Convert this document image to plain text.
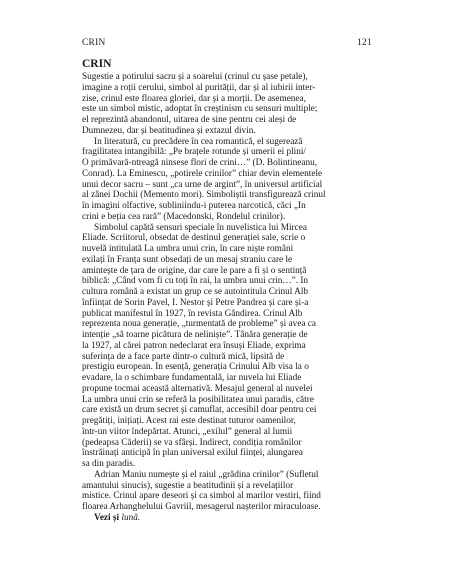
CRIN	121
CRIN
Sugestie a potirului sacru și a soarelui (crinul cu șase petale),
imagine a roții cerului, simbol al purității, dar și al iubirii inter-
zise, crinul este floarea gloriei, dar și a morții. De asemenea,
este un simbol mistic, adoptat în creștinism cu sensuri multiple;
el reprezintă abandonul, uitarea de sine pentru cei aleși de
Dumnezeu, dar și beatitudinea și extazul divin.
În literatură, cu precădere în cea romantică, el sugerează
fragilitatea intangibilă: „Pe brațele rotunde și umerii ei plini/
O primăvară-ntreagă ninsese flori de crini…” (D. Bolintineanu,
Conrad). La Eminescu, „potirele crinilor” chiar devin elementele
unui decor sacru – sunt „ca urne de argint”, în universul artificial
al zânei Dochii (Memento mori). Simboliștii transfigurează crinul
în imagini olfactive, subliniindu-i puterea narcotică, căci „În
crini e beția cea rară” (Macedonski, Rondelul crinilor).
Simbolul capătă sensuri speciale în nuvelistica lui Mircea
Eliade. Scriitorul, obsedat de destinul generației sale, scrie o
nuvelă intitulată La umbra unui crin, în care niște români
exilați în Franța sunt obsedați de un mesaj straniu care le
amintește de țara de origine, dar care le pare a fi și o sentință
biblică: „Când vom fi cu toți în rai, la umbra unui crin…”. În
cultura română a existat un grup ce se autointitula Crinul Alb
înființat de Sorin Pavel, I. Nestor și Petre Pandrea și care și-a
publicat manifestul în 1927, în revista Gândirea. Crinul Alb
reprezenta noua generație, „turmentată de probleme” și avea ca
intenție „să toarne picătura de neliniște”. Tânăra generație de
la 1927, al cărei patron nedeclarat era însuși Eliade, exprima
suferința de a face parte dintr-o cultură mică, lipsită de
prestigiu european. În esență, generația Crinului Alb visa la o
evadare, la o schimbare fundamentală, iar nuvela lui Eliade
propune tocmai această alternativă. Mesajul general al nuvelei
La umbra unui crin se referă la posibilitatea unui paradis, către
care există un drum secret și camuflat, accesibil doar pentru cei
pregătiți, inițiați. Acest rai este destinat tuturor oamenilor,
într-un viitor îndepărtat. Atunci, „exilul” general al lumii
(pedeapsa Căderii) se va sfârși. Indirect, condiția românilor
înstrăinați anticipă în plan universal exilul ființei, alungarea
sa din paradis.
Adrian Maniu numește și el raiul „grădina crinilor” (Sufletul
amantului sinucis), sugestie a beatitudinii și a revelațiilor
mistice. Crinul apare deseori și ca simbol al marilor vestiri, fiind
floarea Arhanghelului Gavriil, mesagerul nașterilor miraculoase.
Vezi și lună.
